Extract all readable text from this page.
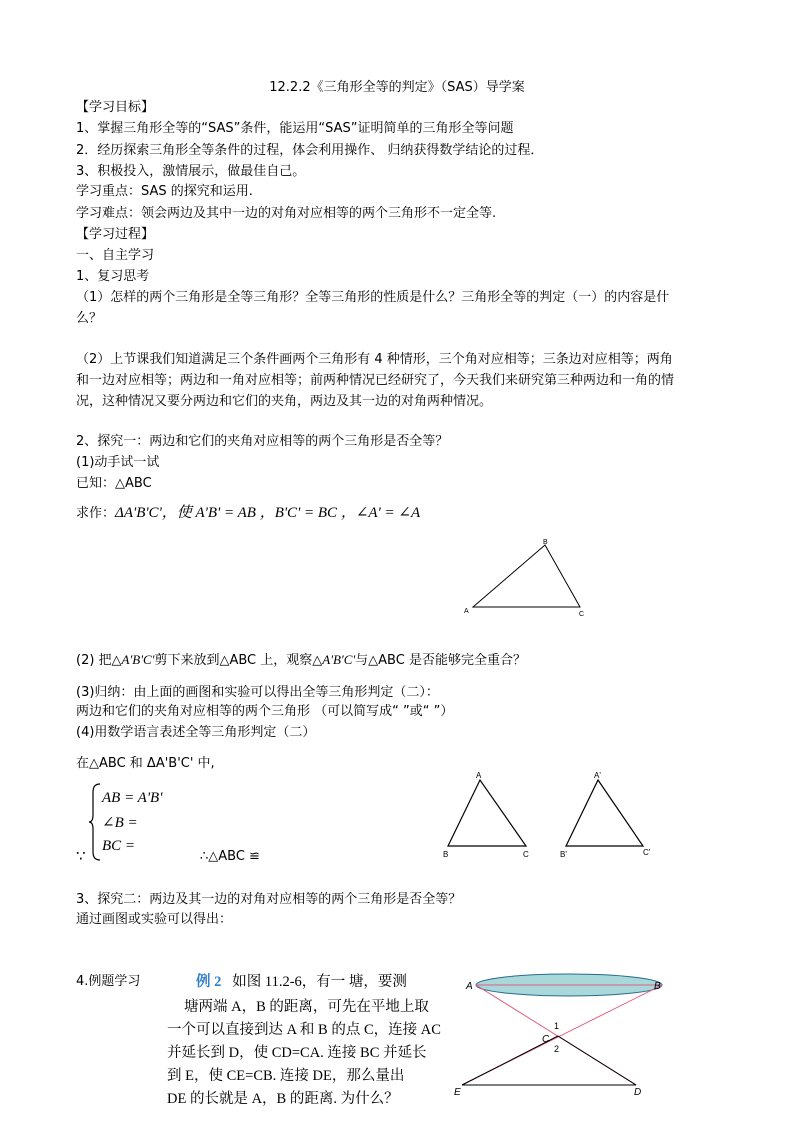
12.2.2《三角形全等的判定》（SAS）导学案
【学习目标】
1、掌握三角形全等的“SAS”条件，能运用“SAS”证明简单的三角形全等问题
2．经历探索三角形全等条件的过程，体会利用操作、 归纳获得数学结论的过程．
3、积极投入，激情展示，做最佳自己。
学习重点：SAS 的探究和运用.
学习难点：领会两边及其中一边的对角对应相等的两个三角形不一定全等.
【学习过程】
一、自主学习
1、复习思考
（1）怎样的两个三角形是全等三角形？全等三角形的性质是什么？三角形全等的判定（一）的内容是什
么？
（2）上节课我们知道满足三个条件画两个三角形有 4 种情形，三个角对应相等；三条边对应相等；两角
和一边对应相等；两边和一角对应相等；前两种情况已经研究了，今天我们来研究第三种两边和一角的情
况，这种情况又要分两边和它们的夹角，两边及其一边的对角两种情况。
2、探究一：两边和它们的夹角对应相等的两个三角形是否全等？
(1)动手试一试
已知：△ABC
求作：ΔA'B'C'，使 A'B' = AB ，B'C' = BC ，∠A' = ∠A
A
B
C
(2) 把△A'B'C'剪下来放到△ABC 上，观察△A'B'C'与△ABC 是否能够完全重合？
(3)归纳：由上面的画图和实验可以得出全等三角形判定（二）：
两边和它们的夹角对应相等的两个三角形 （可以简写成“ ”或“ ”）
(4)用数学语言表述全等三角形判定（二）
在△ABC 和 ΔA'B'C' 中,
AB = A'B'
∠B =
BC =
∵	∴△ABC ≌
A
B	C
A'
B'	C'
3、探究二：两边及其一边的对角对应相等的两个三角形是否全等？
通过画图或实验可以得出：
4.例题学习	例 2 如图 11.2-6，有一 塘，要测
塘两端 A，B 的距离，可先在平地上取
一个可以直接到达 A 和 B 的点 C，连接 AC
并延长到 D，使 CD=CA. 连接 BC 并延长
到 E，使 CE=CB. 连接 DE，那么量出
DE 的长就是 A，B 的距离. 为什么？
A	B
C
E	D
1
2
